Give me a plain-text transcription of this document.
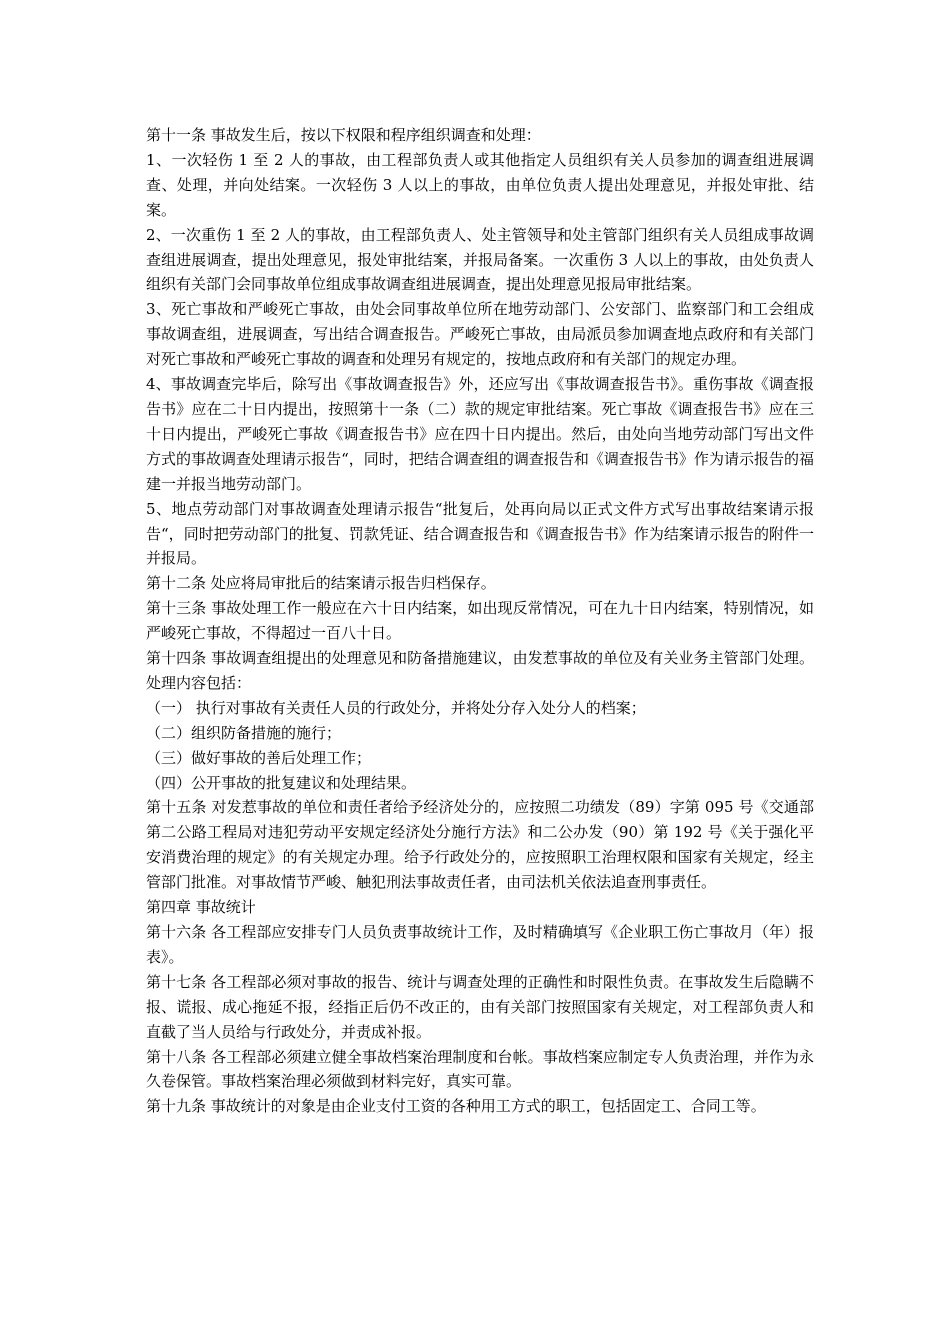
第十一条 事故发生后，按以下权限和程序组织调查和处理：

1、一次轻伤 1 至 2 人的事故，由工程部负责人或其他指定人员组织有关人员参加的调查组进展调查、处理，并向处结案。一次轻伤 3 人以上的事故，由单位负责人提出处理意见，并报处审批、结案。

2、一次重伤 1 至 2 人的事故，由工程部负责人、处主管领导和处主管部门组织有关人员组成事故调查组进展调查，提出处理意见，报处审批结案，并报局备案。一次重伤 3 人以上的事故，由处负责人组织有关部门会同事故单位组成事故调查组进展调查，提出处理意见报局审批结案。

3、死亡事故和严峻死亡事故，由处会同事故单位所在地劳动部门、公安部门、监察部门和工会组成事故调查组，进展调查，写出结合调查报告。严峻死亡事故，由局派员参加调查地点政府和有关部门对死亡事故和严峻死亡事故的调查和处理另有规定的，按地点政府和有关部门的规定办理。

4、事故调查完毕后，除写出《事故调查报告》外，还应写出《事故调查报告书》。重伤事故《调查报告书》应在二十日内提出，按照第十一条（二）款的规定审批结案。死亡事故《调查报告书》应在三十日内提出，严峻死亡事故《调查报告书》应在四十日内提出。然后，由处向当地劳动部门写出文件方式的事故调查处理请示报告“，同时，把结合调查组的调查报告和《调查报告书》作为请示报告的福建一并报当地劳动部门。

5、地点劳动部门对事故调查处理请示报告“批复后，处再向局以正式文件方式写出事故结案请示报告“，同时把劳动部门的批复、罚款凭证、结合调查报告和《调查报告书》作为结案请示报告的附件一并报局。

第十二条 处应将局审批后的结案请示报告归档保存。

第十三条 事故处理工作一般应在六十日内结案，如出现反常情况，可在九十日内结案，特别情况，如严峻死亡事故，不得超过一百八十日。

第十四条 事故调查组提出的处理意见和防备措施建议，由发惹事故的单位及有关业务主管部门处理。处理内容包括：

（一） 执行对事故有关责任人员的行政处分，并将处分存入处分人的档案；

（二）组织防备措施的施行；

（三）做好事故的善后处理工作；

（四）公开事故的批复建议和处理结果。

第十五条 对发惹事故的单位和责任者给予经济处分的，应按照二功绩发（89）字第 095 号《交通部第二公路工程局对违犯劳动平安规定经济处分施行方法》和二公办发（90）第 192 号《关于强化平安消费治理的规定》的有关规定办理。给予行政处分的，应按照职工治理权限和国家有关规定，经主管部门批准。对事故情节严峻、触犯刑法事故责任者，由司法机关依法追查刑事责任。

第四章 事故统计

第十六条 各工程部应安排专门人员负责事故统计工作，及时精确填写《企业职工伤亡事故月（年）报表》。

第十七条 各工程部必须对事故的报告、统计与调查处理的正确性和时限性负责。在事故发生后隐瞒不报、谎报、成心拖延不报，经指正后仍不改正的，由有关部门按照国家有关规定，对工程部负责人和直截了当人员给与行政处分，并责成补报。

第十八条 各工程部必须建立健全事故档案治理制度和台帐。事故档案应制定专人负责治理，并作为永久卷保管。事故档案治理必须做到材料完好，真实可靠。

第十九条 事故统计的对象是由企业支付工资的各种用工方式的职工，包括固定工、合同工等。
